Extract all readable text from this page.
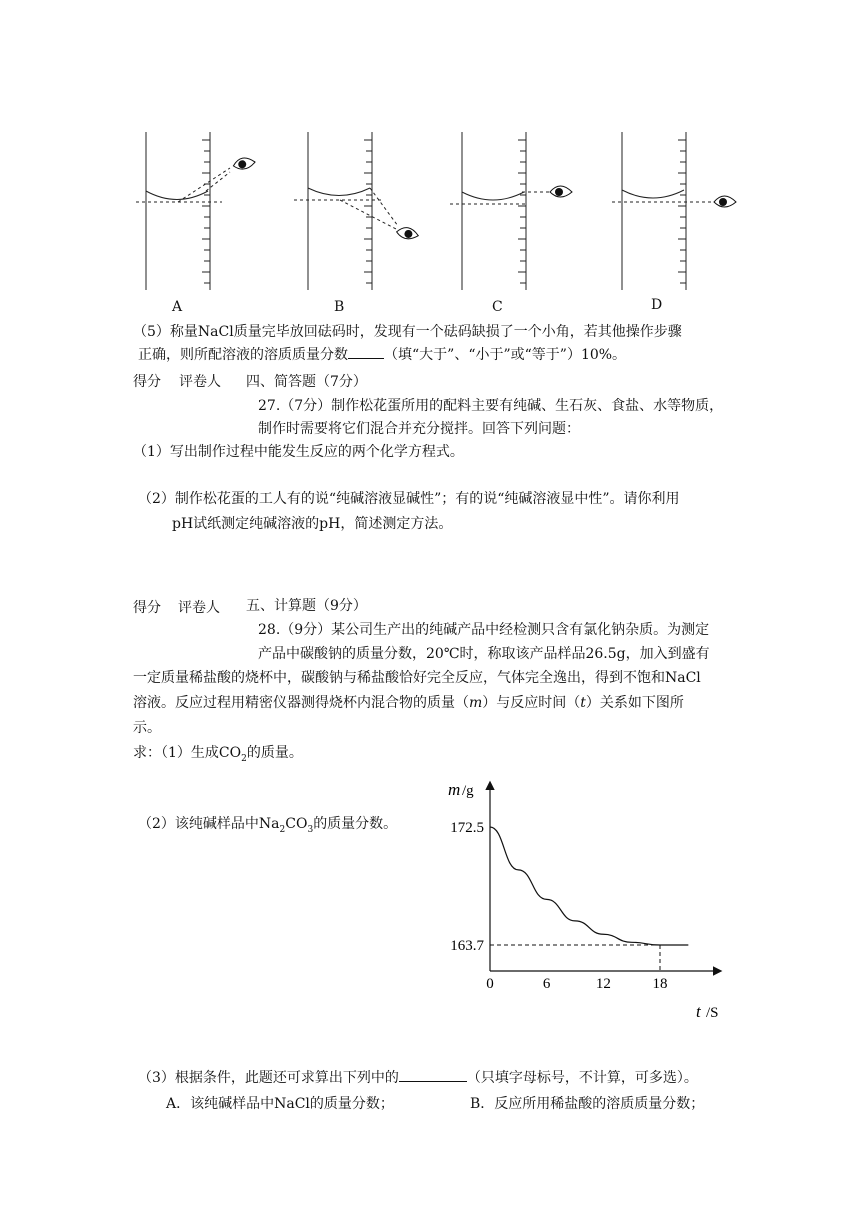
A	B	C	D
（5）称量NaCl质量完毕放回砝码时，发现有一个砝码缺损了一个小角，若其他操作步骤
正确，则所配溶液的溶质质量分数	（填“大于”、“小于”或“等于”）10%。
得分 评卷人 四、简答题（7分）
27.（7分）制作松花蛋所用的配料主要有纯碱、生石灰、食盐、水等物质，
制作时需要将它们混合并充分搅拌。回答下列问题：
（1）写出制作过程中能发生反应的两个化学方程式。
（2）制作松花蛋的工人有的说“纯碱溶液显碱性”；有的说“纯碱溶液显中性”。请你利用
pH试纸测定纯碱溶液的pH，简述测定方法。
得分 评卷人 五、计算题（9分）
28.（9分）某公司生产出的纯碱产品中经检测只含有氯化钠杂质。为测定
产品中碳酸钠的质量分数，20℃时，称取该产品样品26.5g，加入到盛有
一定质量稀盐酸的烧杯中，碳酸钠与稀盐酸恰好完全反应，气体完全逸出，得到不饱和NaCl
溶液。反应过程用精密仪器测得烧杯内混合物的质量（m）与反应时间（t）关系如下图所
示。
求：（1）生成$CO_2$的质量。
（2）该纯碱样品中$Na_2CO_3$的质量分数。
m /g
t /S
0	6	12	18
172.5
163.7
（3）根据条件，此题还可求算出下列中的	（只填字母标号，不计算，可多选）。
A．该纯碱样品中NaCl的质量分数；	B．反应所用稀盐酸的溶质质量分数；
